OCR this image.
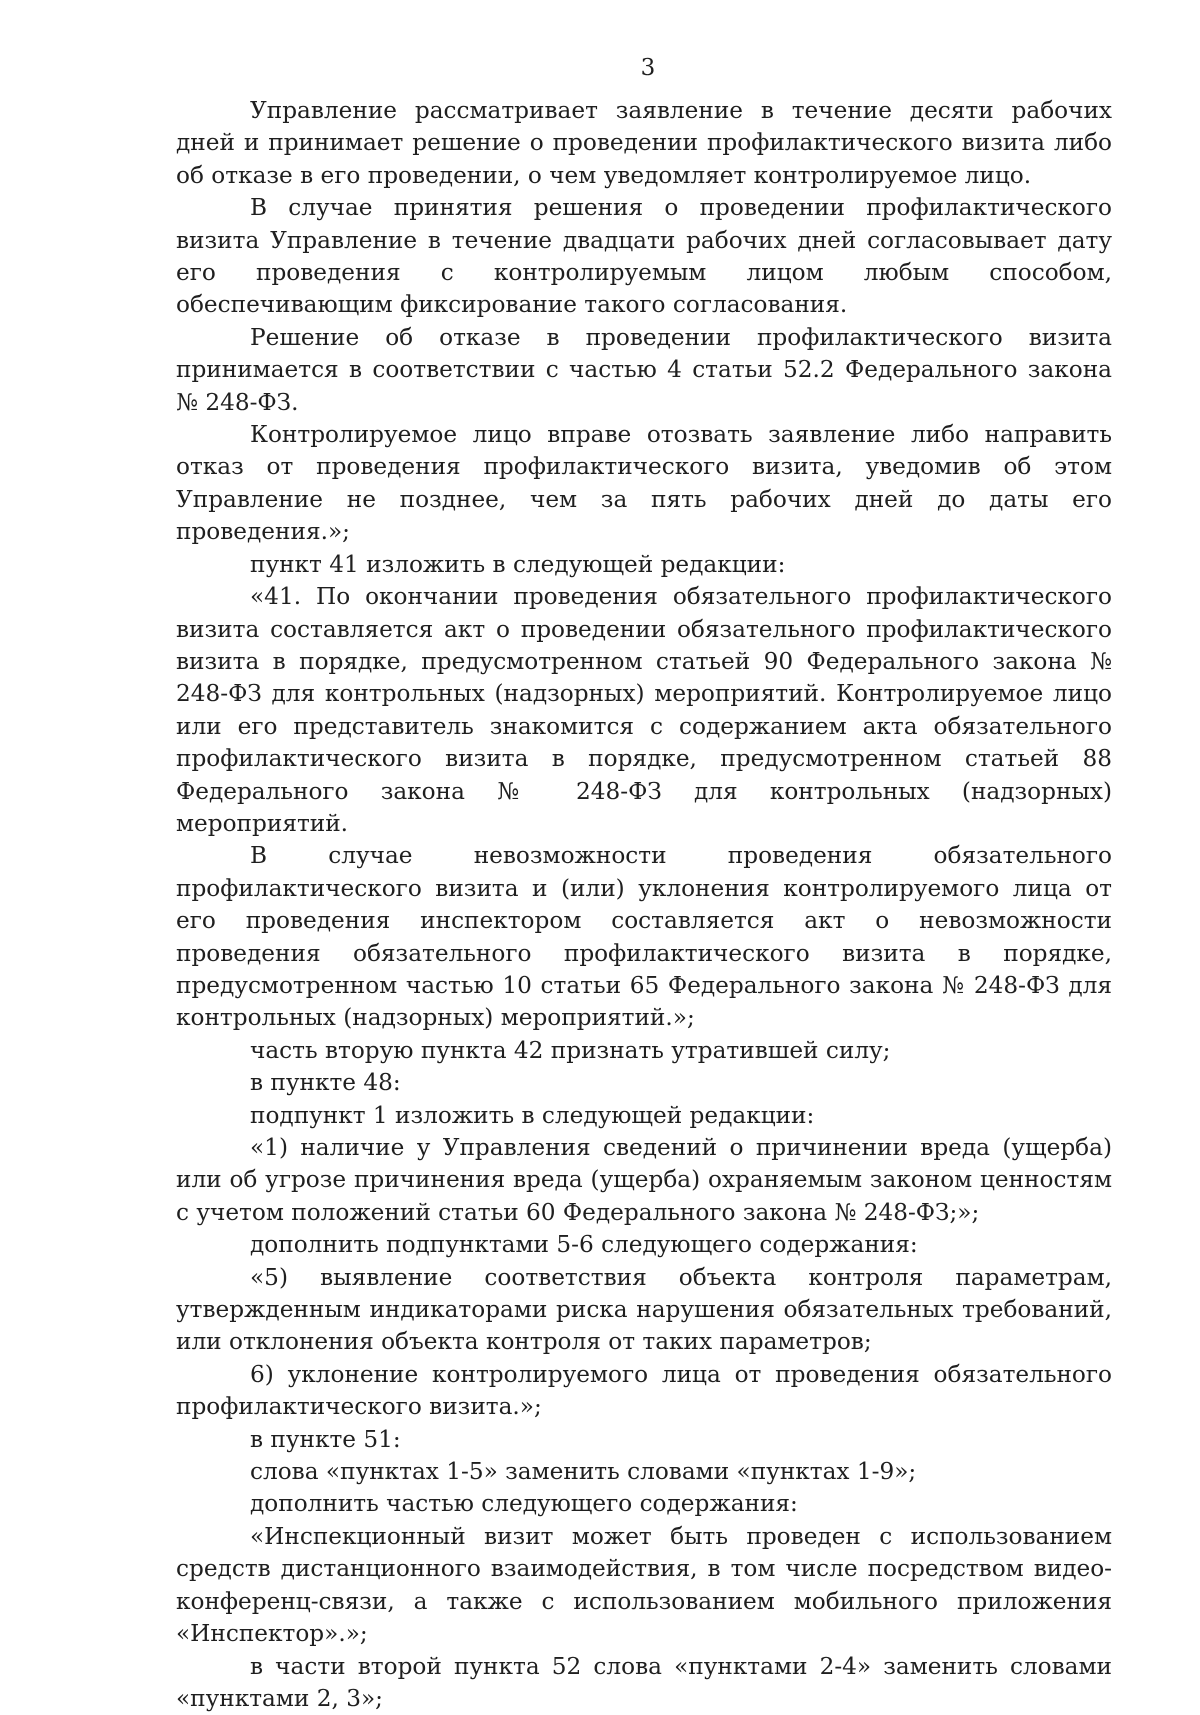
3

Управление рассматривает заявление в течение десяти рабочих дней и принимает решение о проведении профилактического визита либо об отказе в его проведении, о чем уведомляет контролируемое лицо.

В случае принятия решения о проведении профилактического визита Управление в течение двадцати рабочих дней согласовывает дату его проведения с контролируемым лицом любым способом, обеспечивающим фиксирование такого согласования.

Решение об отказе в проведении профилактического визита принимается в соответствии с частью 4 статьи 52.2 Федерального закона № 248-ФЗ.

Контролируемое лицо вправе отозвать заявление либо направить отказ от проведения профилактического визита, уведомив об этом Управление не позднее, чем за пять рабочих дней до даты его проведения.»;

пункт 41 изложить в следующей редакции:

«41. По окончании проведения обязательного профилактического визита составляется акт о проведении обязательного профилактического визита в порядке, предусмотренном статьей 90 Федерального закона № 248-ФЗ для контрольных (надзорных) мероприятий. Контролируемое лицо или его представитель знакомится с содержанием акта обязательного профилактического визита в порядке, предусмотренном статьей 88 Федерального закона № 248-ФЗ для контрольных (надзорных) мероприятий.

В случае невозможности проведения обязательного профилактического визита и (или) уклонения контролируемого лица от его проведения инспектором составляется акт о невозможности проведения обязательного профилактического визита в порядке, предусмотренном частью 10 статьи 65 Федерального закона № 248-ФЗ для контрольных (надзорных) мероприятий.»;

часть вторую пункта 42 признать утратившей силу;

в пункте 48:

подпункт 1 изложить в следующей редакции:

«1) наличие у Управления сведений о причинении вреда (ущерба) или об угрозе причинения вреда (ущерба) охраняемым законом ценностям с учетом положений статьи 60 Федерального закона № 248-ФЗ;»;

дополнить подпунктами 5-6 следующего содержания:

«5) выявление соответствия объекта контроля параметрам, утвержденным индикаторами риска нарушения обязательных требований, или отклонения объекта контроля от таких параметров;

6) уклонение контролируемого лица от проведения обязательного профилактического визита.»;

в пункте 51:

слова «пунктах 1-5» заменить словами «пунктах 1-9»;

дополнить частью следующего содержания:

«Инспекционный визит может быть проведен с использованием средств дистанционного взаимодействия, в том числе посредством видео-конференц-связи, а также с использованием мобильного приложения «Инспектор».»;

в части второй пункта 52 слова «пунктами 2-4» заменить словами «пунктами 2, 3»;
